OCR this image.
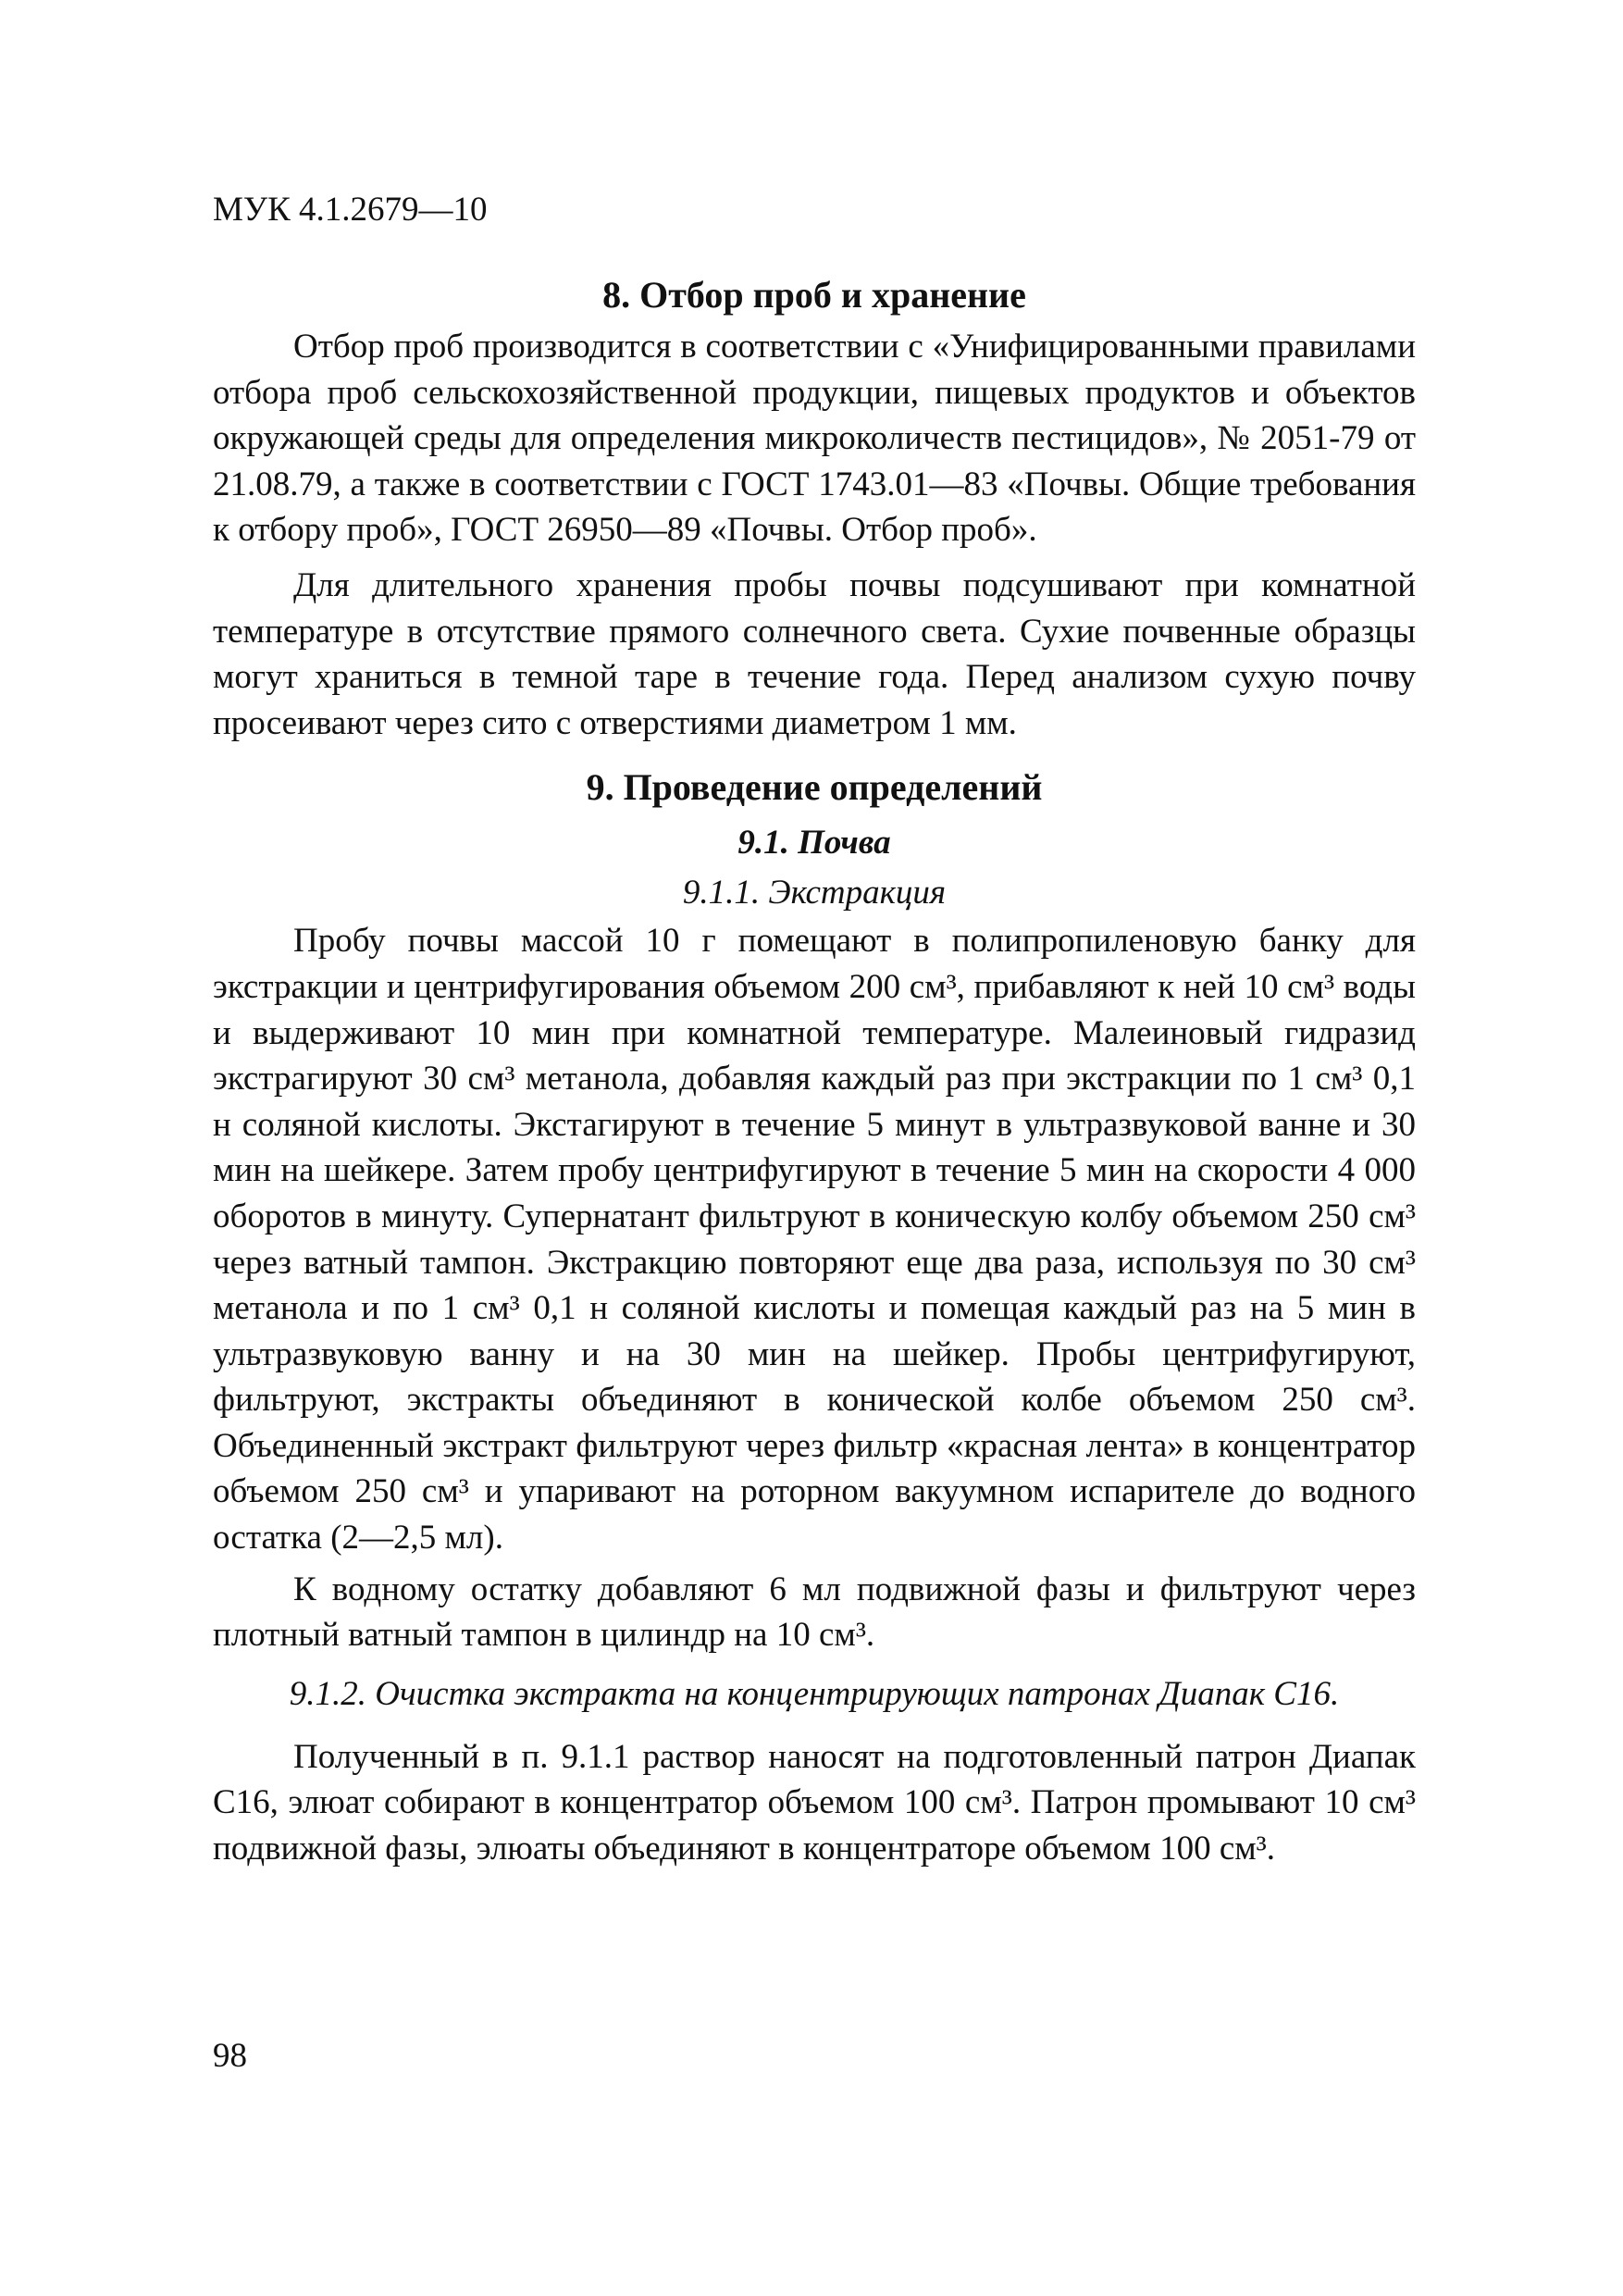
МУК 4.1.2679—10
8. Отбор проб и хранение

Отбор проб производится в соответствии с «Унифицированными правилами отбора проб сельскохозяйственной продукции, пищевых продуктов и объектов окружающей среды для определения микроколичеств пестицидов», № 2051-79 от 21.08.79, а также в соответствии с ГОСТ 1743.01—83 «Почвы. Общие требования к отбору проб», ГОСТ 26950—89 «Почвы. Отбор проб».

Для длительного хранения пробы почвы подсушивают при комнатной температуре в отсутствие прямого солнечного света. Сухие почвенные образцы могут храниться в темной таре в течение года. Перед анализом сухую почву просеивают через сито с отверстиями диаметром 1 мм.

9. Проведение определений
9.1. Почва
9.1.1. Экстракция

Пробу почвы массой 10 г помещают в полипропиленовую банку для экстракции и центрифугирования объемом 200 см³, прибавляют к ней 10 см³ воды и выдерживают 10 мин при комнатной температуре. Малеиновый гидразид экстрагируют 30 см³ метанола, добавляя каждый раз при экстракции по 1 см³ 0,1 н соляной кислоты. Экстагируют в течение 5 минут в ультразвуковой ванне и 30 мин на шейкере. Затем пробу центрифугируют в течение 5 мин на скорости 4 000 оборотов в минуту. Супернатант фильтруют в коническую колбу объемом 250 см³ через ватный тампон. Экстракцию повторяют еще два раза, используя по 30 см³ метанола и по 1 см³ 0,1 н соляной кислоты и помещая каждый раз на 5 мин в ультразвуковую ванну и на 30 мин на шейкер. Пробы центрифугируют, фильтруют, экстракты объединяют в конической колбе объемом 250 см³. Объединенный экстракт фильтруют через фильтр «красная лента» в концентратор объемом 250 см³ и упаривают на роторном вакуумном испарителе до водного остатка (2—2,5 мл).

К водному остатку добавляют 6 мл подвижной фазы и фильтруют через плотный ватный тампон в цилиндр на 10 см³.

9.1.2. Очистка экстракта на концентрирующих патронах Диапак С16.

Полученный в п. 9.1.1 раствор наносят на подготовленный патрон Диапак С16, элюат собирают в концентратор объемом 100 см³. Патрон промывают 10 см³ подвижной фазы, элюаты объединяют в концентраторе объемом 100 см³.

98
